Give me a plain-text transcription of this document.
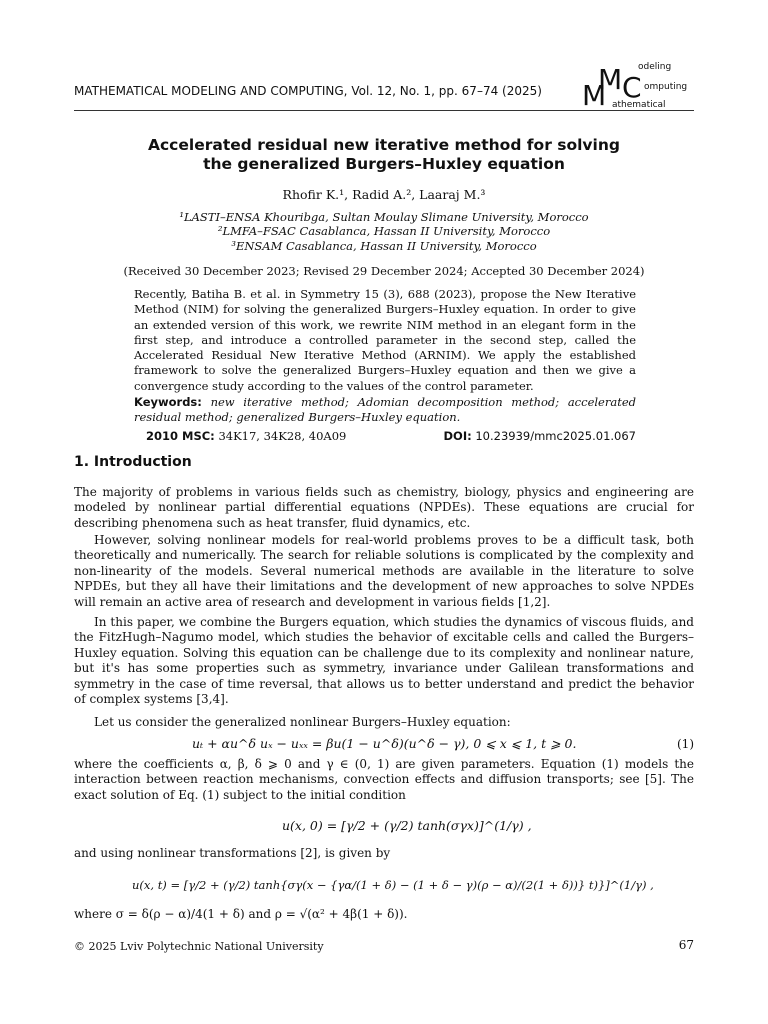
MATHEMATICAL MODELING AND COMPUTING, Vol. 12, No. 1, pp. 67–74 (2025) M
M C
odeling
omputing
athematical
Accelerated residual new iterative method for solving
the generalized Burgers–Huxley equation
Rhofir K.¹, Radid A.², Laaraj M.³
¹LASTI–ENSA Khouribga, Sultan Moulay Slimane University, Morocco
²LMFA–FSAC Casablanca, Hassan II University, Morocco
³ENSAM Casablanca, Hassan II University, Morocco
(Received 30 December 2023; Revised 29 December 2024; Accepted 30 December 2024)
Recently, Batiha B. et al. in Symmetry 15 (3), 688 (2023), propose the New Iterative Method (NIM) for solving the generalized Burgers–Huxley equation. In order to give an extended version of this work, we rewrite NIM method in an elegant form in the first step, and introduce a controlled parameter in the second step, called the Accelerated Residual New Iterative Method (ARNIM). We apply the established framework to solve the generalized Burgers–Huxley equation and then we give a convergence study according to the values of the control parameter.
Keywords: new iterative method; Adomian decomposition method; accelerated residual method; generalized Burgers–Huxley equation.
2010 MSC: 34K17, 34K28, 40A09	DOI: 10.23939/mmc2025.01.067
1. Introduction
The majority of problems in various fields such as chemistry, biology, physics and engineering are modeled by nonlinear partial differential equations (NPDEs). These equations are crucial for describing phenomena such as heat transfer, fluid dynamics, etc.
However, solving nonlinear models for real-world problems proves to be a difficult task, both theoretically and numerically. The search for reliable solutions is complicated by the complexity and non-linearity of the models. Several numerical methods are available in the literature to solve NPDEs, but they all have their limitations and the development of new approaches to solve NPDEs will remain an active area of research and development in various fields [1,2].
In this paper, we combine the Burgers equation, which studies the dynamics of viscous fluids, and the FitzHugh–Nagumo model, which studies the behavior of excitable cells and called the Burgers–Huxley equation. Solving this equation can be challenge due to its complexity and nonlinear nature, but it's has some properties such as symmetry, invariance under Galilean transformations and symmetry in the case of time reversal, that allows us to better understand and predict the behavior of complex systems [3,4].
Let us consider the generalized nonlinear Burgers–Huxley equation:
uₜ + αu^δ uₓ − uₓₓ = βu(1 − u^δ)(u^δ − γ), 0 ⩽ x ⩽ 1, t ⩾ 0.	(1)
where the coefficients α, β, δ ⩾ 0 and γ ∈ (0, 1) are given parameters. Equation (1) models the interaction between reaction mechanisms, convection effects and diffusion transports; see [5]. The exact solution of Eq. (1) subject to the initial condition
u(x, 0) = [γ/2 + (γ/2) tanh(σγx)]^(1/γ) ,
and using nonlinear transformations [2], is given by
u(x, t) = [γ/2 + (γ/2) tanh{σγ(x − {γα/(1 + δ) − (1 + δ − γ)(ρ − α)/(2(1 + δ))} t)}]^(1/γ) ,
where σ = δ(ρ − α)/4(1 + δ) and ρ = √(α² + 4β(1 + δ)).
© 2025 Lviv Polytechnic National University	67
